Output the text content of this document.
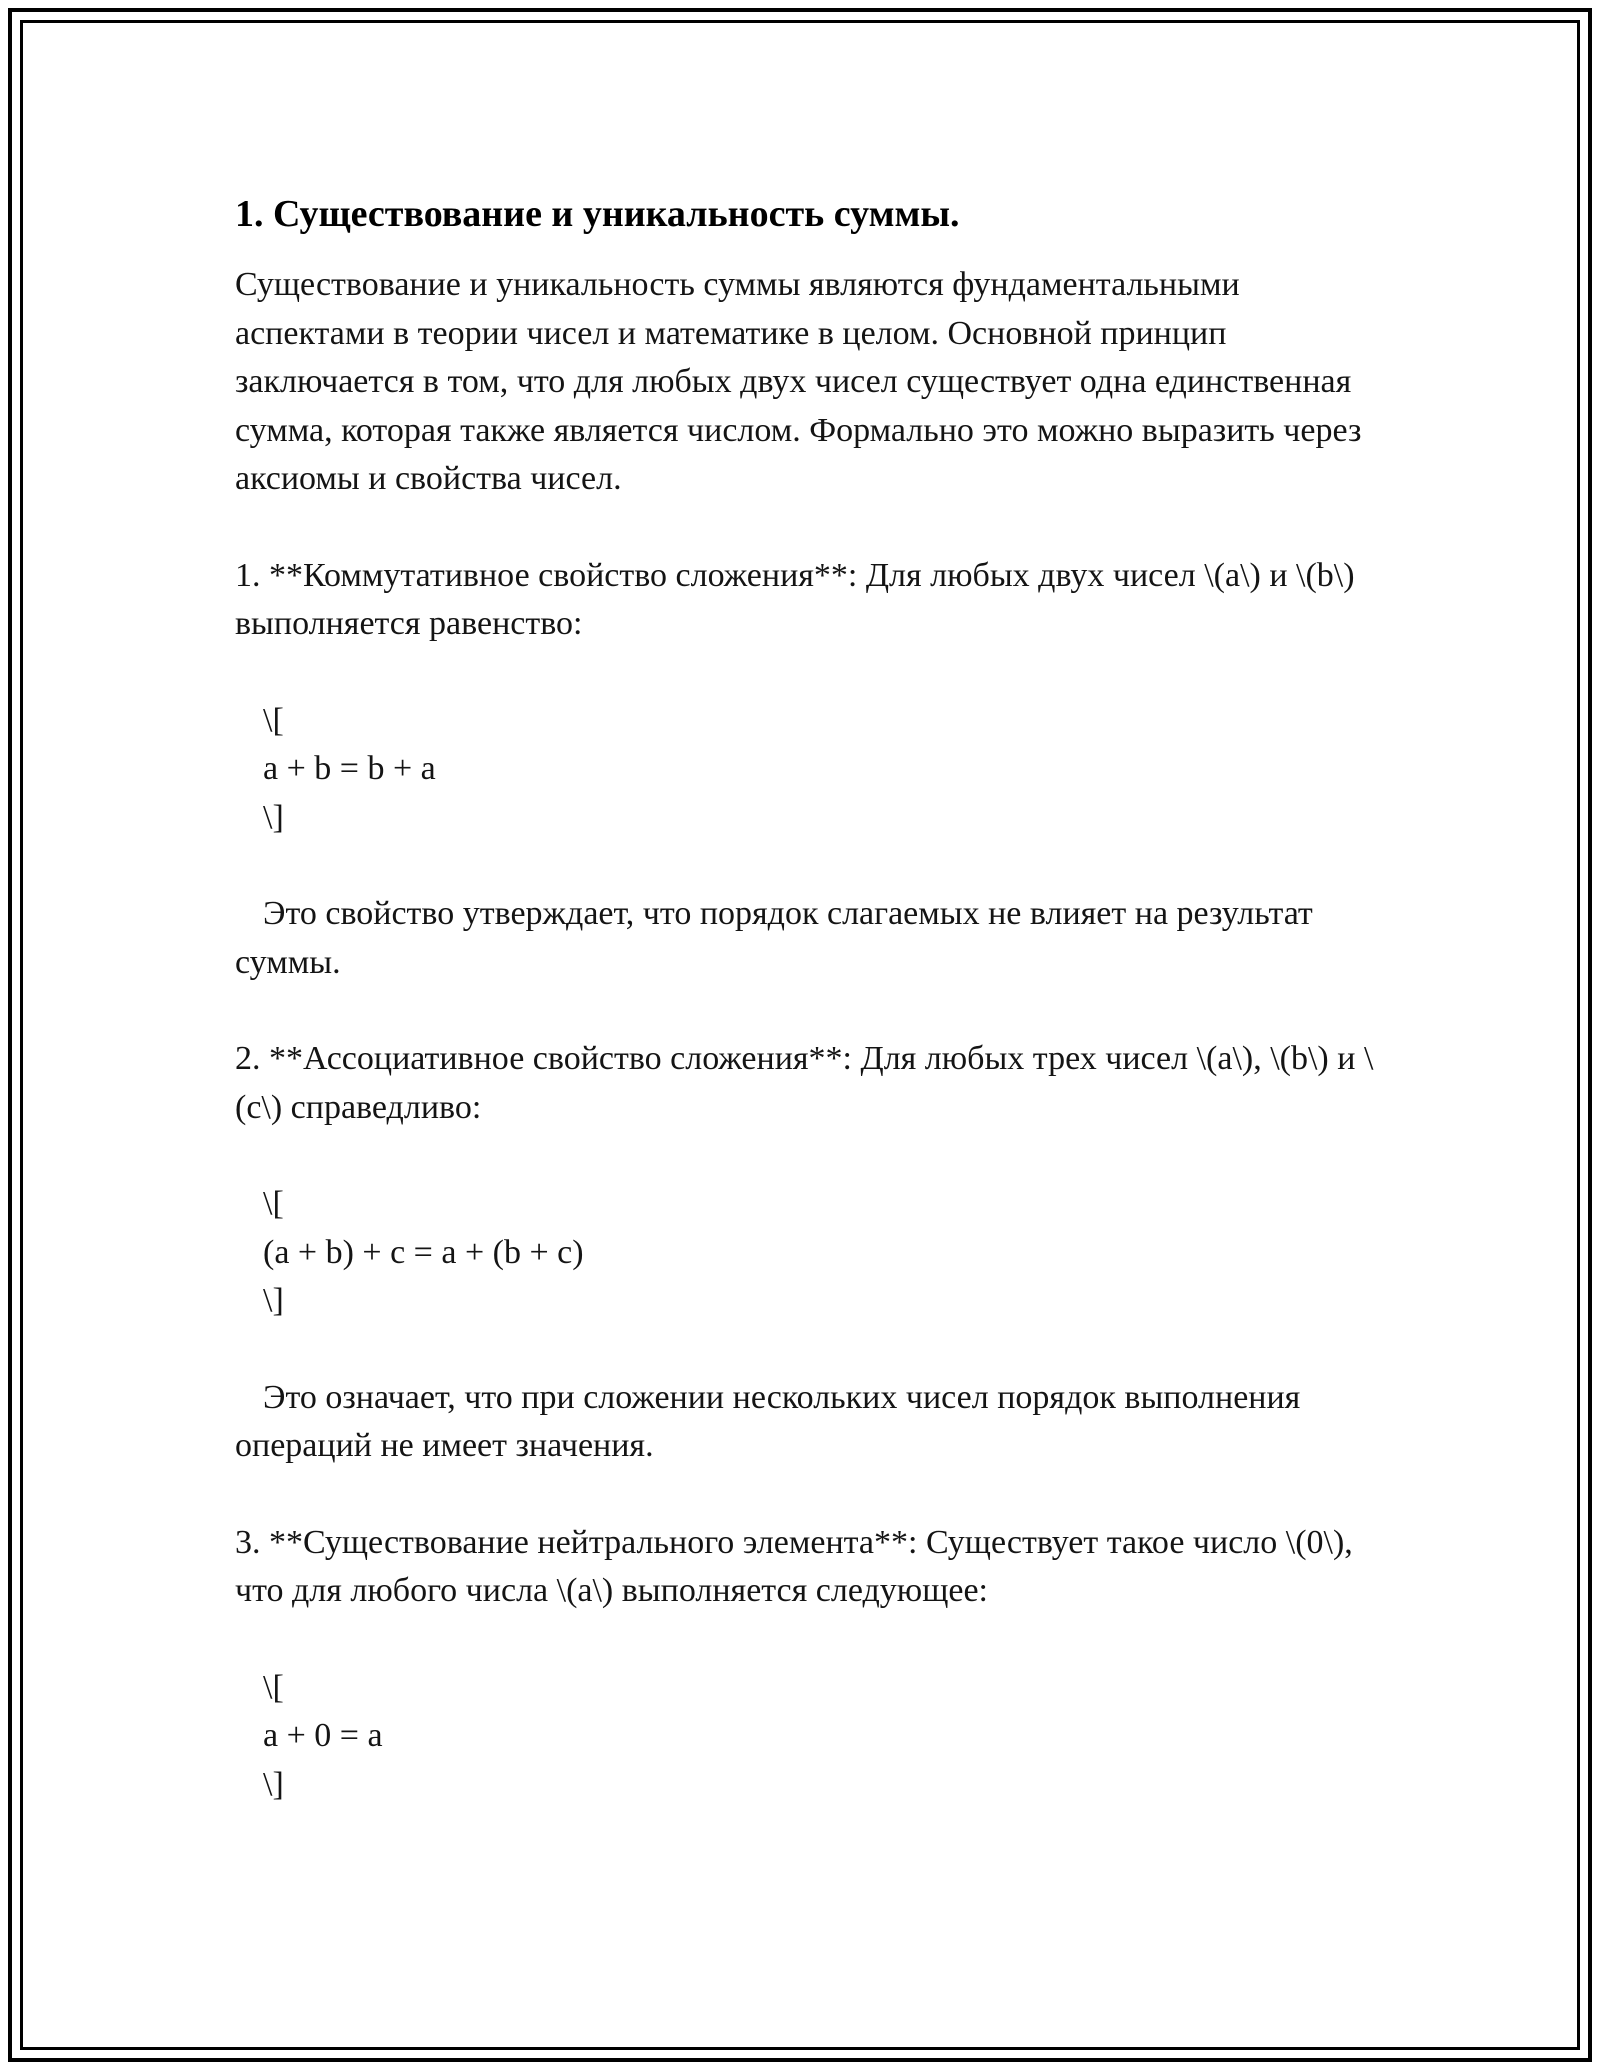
1. Существование и уникальность суммы.

Существование и уникальность суммы являются фундаментальными аспектами в теории чисел и математике в целом. Основной принцип заключается в том, что для любых двух чисел существует одна единственная сумма, которая также является числом. Формально это можно выразить через аксиомы и свойства чисел.

1. **Коммутативное свойство сложения**: Для любых двух чисел \(a\) и \(b\) выполняется равенство:

\[
a + b = b + a
\]

Это свойство утверждает, что порядок слагаемых не влияет на результат суммы.

2. **Ассоциативное свойство сложения**: Для любых трех чисел \(a\), \(b\) и \(c\) справедливо:

\[
(a + b) + c = a + (b + c)
\]

Это означает, что при сложении нескольких чисел порядок выполнения операций не имеет значения.

3. **Существование нейтрального элемента**: Существует такое число \(0\), что для любого числа \(a\) выполняется следующее:

\[
a + 0 = a
\]
